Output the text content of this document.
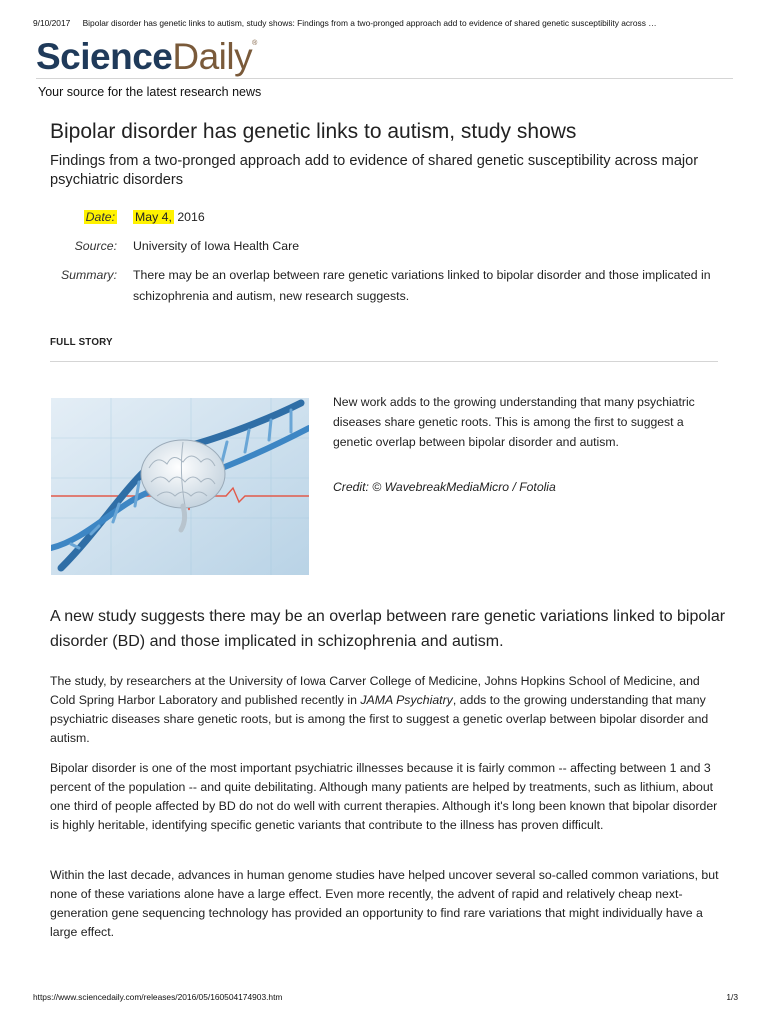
9/10/2017 Bipolar disorder has genetic links to autism, study shows: Findings from a two-pronged approach add to evidence of shared genetic susceptibility across …
ScienceDaily®
Your source for the latest research news
Bipolar disorder has genetic links to autism, study shows
Findings from a two-pronged approach add to evidence of shared genetic susceptibility across major psychiatric disorders
Date: May 4, 2016
Source: University of Iowa Health Care
Summary: There may be an overlap between rare genetic variations linked to bipolar disorder and those implicated in schizophrenia and autism, new research suggests.
FULL STORY
New work adds to the growing understanding that many psychiatric diseases share genetic roots. This is among the first to suggest a genetic overlap between bipolar disorder and autism.
Credit: © WavebreakMediaMicro / Fotolia

A new study suggests there may be an overlap between rare genetic variations linked to bipolar disorder (BD) and those implicated in schizophrenia and autism.

The study, by researchers at the University of Iowa Carver College of Medicine, Johns Hopkins School of Medicine, and Cold Spring Harbor Laboratory and published recently in JAMA Psychiatry, adds to the growing understanding that many psychiatric diseases share genetic roots, but is among the first to suggest a genetic overlap between bipolar disorder and autism.

Bipolar disorder is one of the most important psychiatric illnesses because it is fairly common -- affecting between 1 and 3 percent of the population -- and quite debilitating. Although many patients are helped by treatments, such as lithium, about one third of people affected by BD do not do well with current therapies. Although it's long been known that bipolar disorder is highly heritable, identifying specific genetic variants that contribute to the illness has proven difficult.

Within the last decade, advances in human genome studies have helped uncover several so-called common variations, but none of these variations alone have a large effect. Even more recently, the advent of rapid and relatively cheap next-generation gene sequencing technology has provided an opportunity to find rare variations that might individually have a large effect.

https://www.sciencedaily.com/releases/2016/05/160504174903.htm	1/3
